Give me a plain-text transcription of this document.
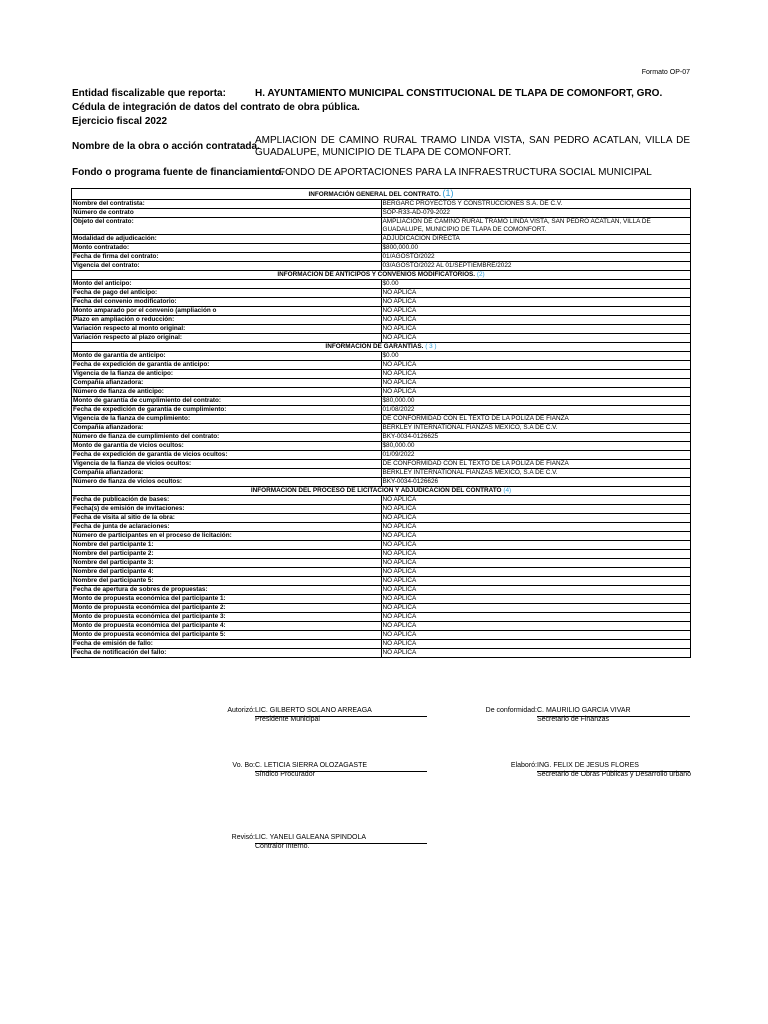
Formato OP-07
Entidad fiscalizable que reporta:	H. AYUNTAMIENTO MUNICIPAL CONSTITUCIONAL DE TLAPA DE COMONFORT, GRO.
Cédula de integración de datos del contrato de obra pública.
Ejercicio fiscal 2022
Nombre de la obra o acción contratada.
AMPLIACION DE CAMINO RURAL TRAMO LINDA VISTA, SAN PEDRO ACATLAN, VILLA DE GUADALUPE, MUNICIPIO DE TLAPA DE COMONFORT.
Fondo o programa fuente de financiamiento.
FONDO DE APORTACIONES PARA LA INFRAESTRUCTURA SOCIAL MUNICIPAL
INFORMACIÓN GENERAL DEL CONTRATO. (1)	
Nombre del contratista:	BERGARC PROYECTOS Y CONSTRUCCIONES S.A. DE C.V.
Número de contrato	SOP-R33-AD-079-2022
Objeto del contrato:	AMPLIACION DE CAMINO RURAL TRAMO LINDA VISTA, SAN PEDRO ACATLAN, VILLA DE GUADALUPE, MUNICIPIO DE TLAPA DE COMONFORT.
Modalidad de adjudicación:	ADJUDICACION DIRECTA
Monto contratado:	$800,000.00
Fecha de firma del contrato:	01/AGOSTO/2022
Vigencia del contrato:	03/AGOSTO/2022 AL 01/SEPTIEMBRE/2022
INFORMACIÓN DE ANTICIPOS Y CONVENIOS MODIFICATORIOS. (2)	
Monto del anticipo:	$0.00
Fecha de pago del anticipo:	NO APLICA
Fecha del convenio modificatorio:	NO APLICA
Monto amparado por el convenio (ampliación o	NO APLICA
Plazo en ampliación o reducción:	NO APLICA
Variación respecto al monto original:	NO APLICA
Variación respecto al plazo original:	NO APLICA
INFORMACIÓN DE GARANTÍAS. ( 3 )	
Monto de garantía de anticipo:	$0.00
Fecha de expedición de garantía de anticipo:	NO APLICA
Vigencia de la fianza de anticipo:	NO APLICA
Compañía afianzadora:	NO APLICA
Número de fianza de anticipo:	NO APLICA
Monto de garantía de cumplimiento del contrato:	$80,000.00
Fecha de expedición de garantía de cumplimiento:	01/08/2022
Vigencia de la fianza de cumplimiento:	DE CONFORMIDAD CON EL TEXTO DE LA POLIZA DE FIANZA
Compañía afianzadora:	BERKLEY INTERNATIONAL FIANZAS MEXICO, S.A DE C.V.
Número de fianza de cumplimiento del contrato:	BKY-0034-0126625
Monto de garantía de vicios ocultos:	$80,000.00
Fecha de expedición de garantía de vicios ocultos:	01/09/2022
Vigencia de la fianza de vicios ocultos:	DE CONFORMIDAD CON EL TEXTO DE LA POLIZA DE FIANZA
Compañía afianzadora:	BERKLEY INTERNATIONAL FIANZAS MEXICO, S.A DE C.V.
Número de fianza de vicios ocultos:	BKY-0034-0126626
INFORMACIÓN DEL PROCESO DE LICITACIÓN Y ADJUDICACIÓN DEL CONTRATO (4)	
Fecha de publicación de bases:	NO APLICA
Fecha(s) de emisión de invitaciones:	NO APLICA
Fecha de visita al sitio de la obra:	NO APLICA
Fecha de junta de aclaraciones:	NO APLICA
Número de participantes en el proceso de licitación:	NO APLICA
Nombre del participante 1:	NO APLICA
Nombre del participante 2:	NO APLICA
Nombre del participante 3:	NO APLICA
Nombre del participante 4:	NO APLICA
Nombre del participante 5:	NO APLICA
Fecha de apertura de sobres de propuestas:	NO APLICA
Monto de propuesta económica del participante 1:	NO APLICA
Monto de propuesta económica del participante 2:	NO APLICA
Monto de propuesta económica del participante 3:	NO APLICA
Monto de propuesta económica del participante 4:	NO APLICA
Monto de propuesta económica del participante 5:	NO APLICA
Fecha de emisión de fallo:	NO APLICA
Fecha de notificación del fallo:	NO APLICA
Autorizó: LIC. GILBERTO SOLANO ARREAGA
Presidente Municipal
De conformidad: C. MAURILIO GARCIA VIVAR
Secretario de Finanzas
Vo. Bo: C. LETICIA SIERRA OLOZAGASTE
Síndico Procurador
Elaboró: ING. FELIX DE JESUS FLORES
Secretario de Obras Públicas y Desarrollo urbano
Revisó: LIC. YANELI GALEANA SPINDOLA
Contralor Interno.
